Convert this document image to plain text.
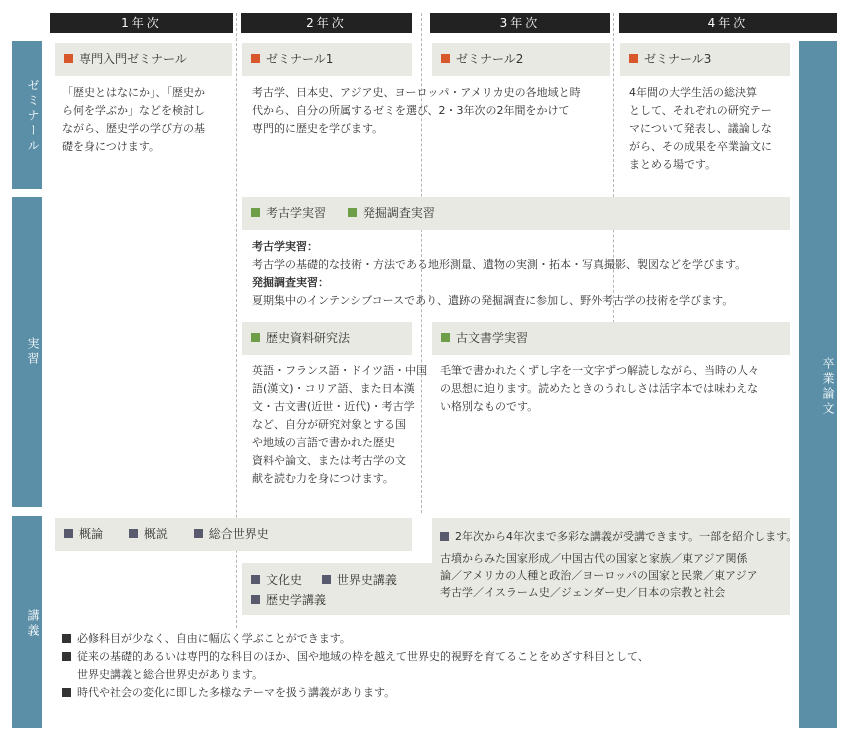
1年次	2年次	3年次	4年次
ゼミナール
実習
講義
卒業論文
専門入門ゼミナール
「歴史とはなにか」、「歴史か
ら何を学ぶか」などを検討し
ながら、歴史学の学び方の基
礎を身につけます。
ゼミナール1
考古学、日本史、アジア史、ヨーロッパ・アメリカ史の各地域と時
代から、自分の所属するゼミを選び、2・3年次の2年間をかけて
専門的に歴史を学びます。
ゼミナール2	ゼミナール3
4年間の大学生活の総決算
として、それぞれの研究テー
マについて発表し、議論しな
がら、その成果を卒業論文に
まとめる場です。
考古学実習	発掘調査実習
考古学実習：
考古学の基礎的な技術・方法である地形測量、遺物の実測・拓本・写真撮影、製図などを学びます。
発掘調査実習：
夏期集中のインテンシブコースであり、遺跡の発掘調査に参加し、野外考古学の技術を学びます。
歴史資料研究法
英語・フランス語・ドイツ語・中国
語(漢文)・コリア語、また日本漢
文・古文書(近世・近代)・考古学
など、自分が研究対象とする国
や地域の言語で書かれた歴史
資料や論文、または考古学の文
献を読む力を身につけます。
古文書学実習
毛筆で書かれたくずし字を一文字ずつ解読しながら、当時の人々
の思想に迫ります。読めたときのうれしさは活字本では味わえな
い格別なものです。
概論	概説	総合世界史	2年次から4年次まで多彩な講義が受講できます。一部を紹介します。
古墳からみた国家形成／中国古代の国家と家族／東アジア関係
論／アメリカの人種と政治／ヨーロッパの国家と民衆／東アジア
考古学／イスラーム史／ジェンダー史／日本の宗教と社会
文化史	世界史講義
歴史学講義
必修科目が少なく、自由に幅広く学ぶことができます。
従来の基礎的あるいは専門的な科目のほか、国や地域の枠を越えて世界史的視野を育てることをめざす科目として、
世界史講義と総合世界史があります。
時代や社会の変化に即した多様なテーマを扱う講義があります。
